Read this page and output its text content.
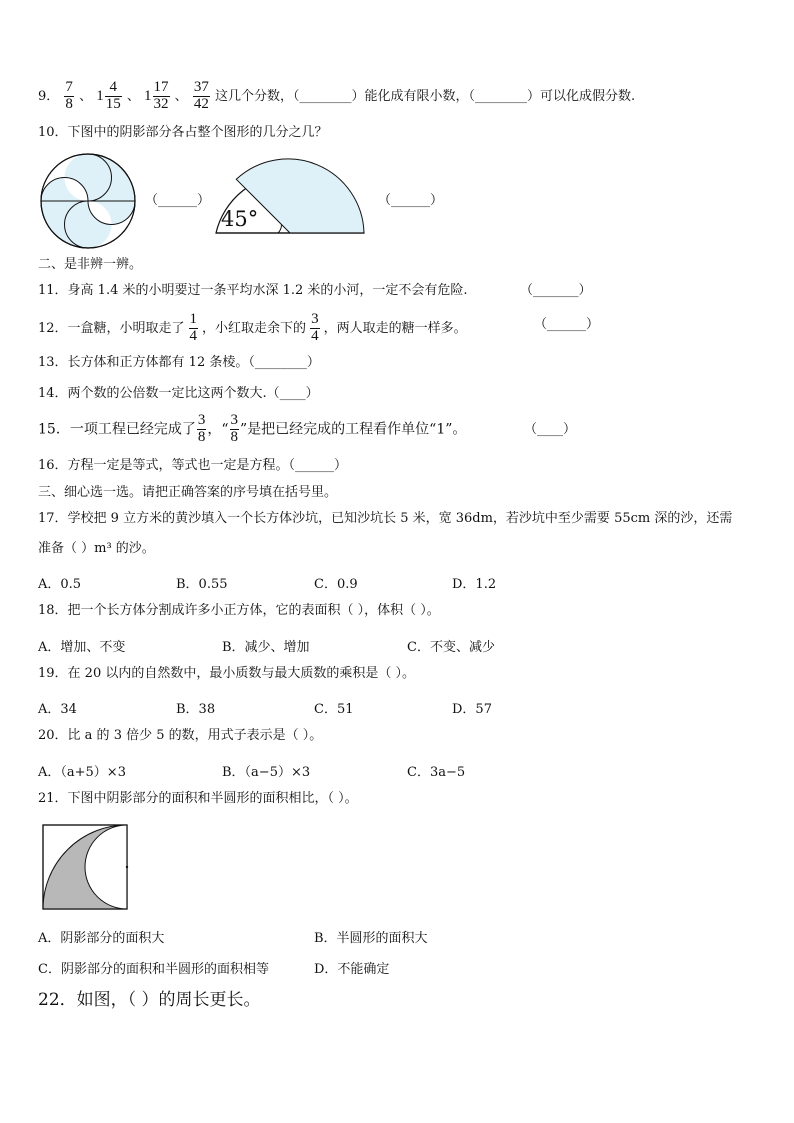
9． $\frac{7}{8}$ 、 $1 \frac{4}{15}$ 、 $1 \frac{17}{32}$ 、 $\frac{37}{42}$ 这几个分数，（________）能化成有限小数，（________）可以化成假分数.
10．下图中的阴影部分各占整个图形的几分之几？
（______）
45°
（______）
二、是非辨一辨。
11．身高 1.4 米的小明要过一条平均水深 1.2 米的小河，一定不会有危险.	（_______）
12．一盒糖，小明取走了 $\frac{1}{4}$ ，小红取走余下的 $\frac{3}{4}$ ，两人取走的糖一样多。	（______）
13．长方体和正方体都有 12 条棱。（________）
14．两个数的公倍数一定比这两个数大.（____）
15．一项工程已经完成了 $\frac{3}{8}$ ，“ $\frac{3}{8}$ ”是把已经完成的工程看作单位“1”。	（____）
16．方程一定是等式，等式也一定是方程。（______）
三、细心选一选。请把正确答案的序号填在括号里。
17．学校把 9 立方米的黄沙填入一个长方体沙坑，已知沙坑长 5 米，宽 36dm，若沙坑中至少需要 55cm 深的沙，还需
准备（ ）m³ 的沙。
A．0.5	B．0.55	C．0.9	D．1.2
18．把一个长方体分割成许多小正方体，它的表面积（ ），体积（ ）。
A．增加、不变	B．减少、增加	C．不变、减少
19．在 20 以内的自然数中，最小质数与最大质数的乘积是（ ）。
A．34	B．38	C．51	D．57
20．比 a 的 3 倍少 5 的数，用式子表示是（ ）。
A．（a+5）×3	B．（a−5）×3	C．3a−5
21．下图中阴影部分的面积和半圆形的面积相比，（ ）。
A．阴影部分的面积大	B．半圆形的面积大
C．阴影部分的面积和半圆形的面积相等	D．不能确定
22．如图，（ ）的周长更长。
